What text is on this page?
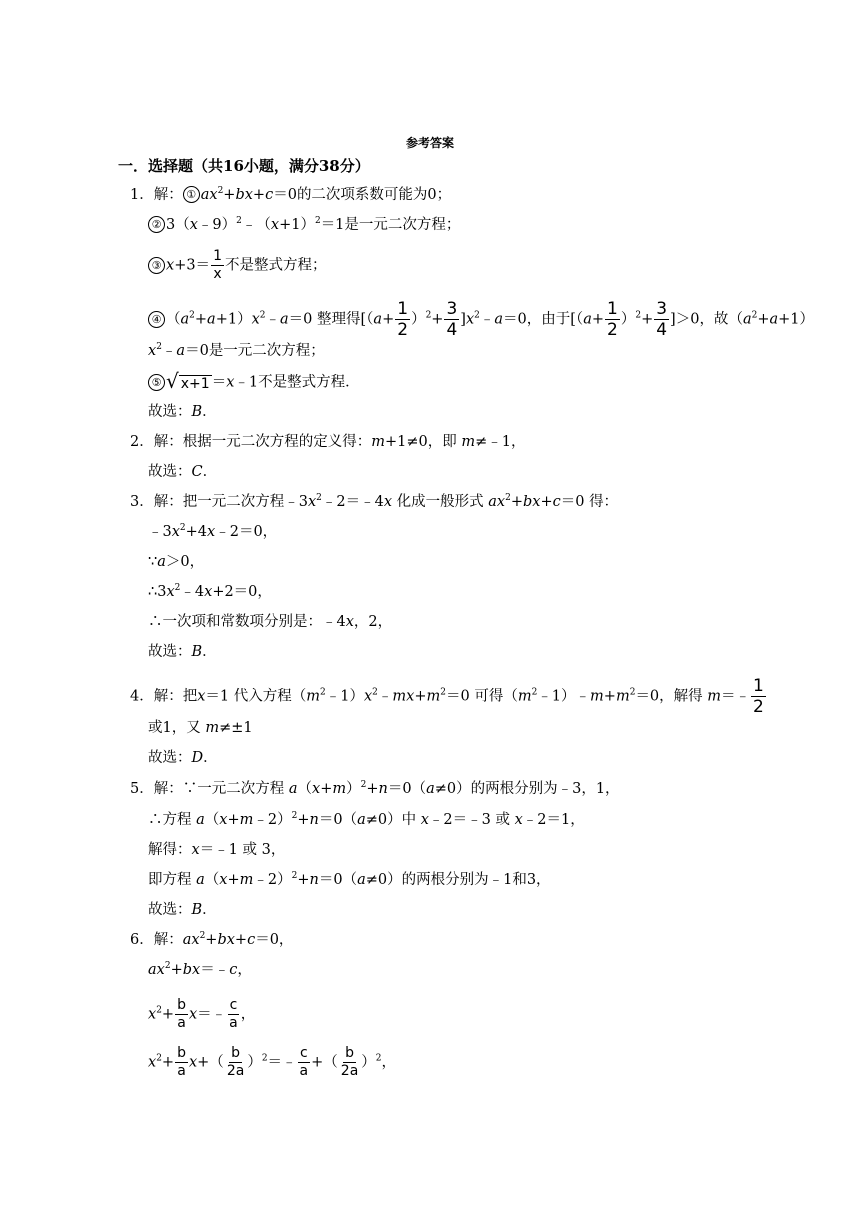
参考答案
一．选择题（共16小题，满分38分）
1．解： ① $ax^2+bx+c=0$的二次项系数可能为0；
② $3(x﹣9)^2﹣(x+1)^2=1$是一元二次方程；
③ $x+3= \frac{1}{x}$ 不是整式方程；
④ $(a^2+a+1)x^2﹣a=0$ 整理得[$(a+ \frac{1}{2} )^2+ \frac{3}{4}$ ]$x^2﹣a=0$，由于$[(a+ \frac{1}{2} )^2+ \frac{3}{4} ]>0$，故$(a^2+a+1)$
$x^2﹣a=0$是一元二次方程；
⑤ √ x+1 ＝x﹣1不是整式方程．
故选：B．
2．解：根据一元二次方程的定义得：m+1≠0，即 m≠﹣1，
故选：C．
3．解：把一元二次方程$﹣3x^2﹣2=﹣4x$ 化成一般形式 $ax^2+bx+c=0$ 得：
$﹣3x^2+4x﹣2=0$，
∵a＞0，
$\therefore 3x^2﹣4x+2=0$，
∴一次项和常数项分别是：﹣4x，2，
故选：B．
4．解：把x＝1 代入方程$(m^2﹣1)x^2﹣mx+m^2=0$ 可得$(m^2﹣1)﹣m+m^2=0$，解得 m＝﹣ $\frac{1}{2}$
或1，又 m≠±1
故选：D．
5．解：∵一元二次方程 $a(x+m)^2+n=0(a\ne 0)$的两根分别为﹣3，1，
∴方程 a（x+m﹣2）$^2$+n＝0（a≠0）中 x﹣2＝﹣3 或 x﹣2＝1，
解得：x＝﹣1 或 3，
即方程 a（x+m﹣2）$^2$+n＝0（a≠0）的两根分别为﹣1和3，
故选：B．
6．解：$ax^2+bx+c=0$，
$ax^2+bx=﹣c$，
$x^2+ \frac{b}{a}$ x＝﹣ $\frac{c}{a}$ ，
$x^2+ \frac{b}{a} x+( \frac{b}{2a}$ ）$^2=﹣ \frac{c}{a}$ +（ $\frac{b}{2a} )^2$，
